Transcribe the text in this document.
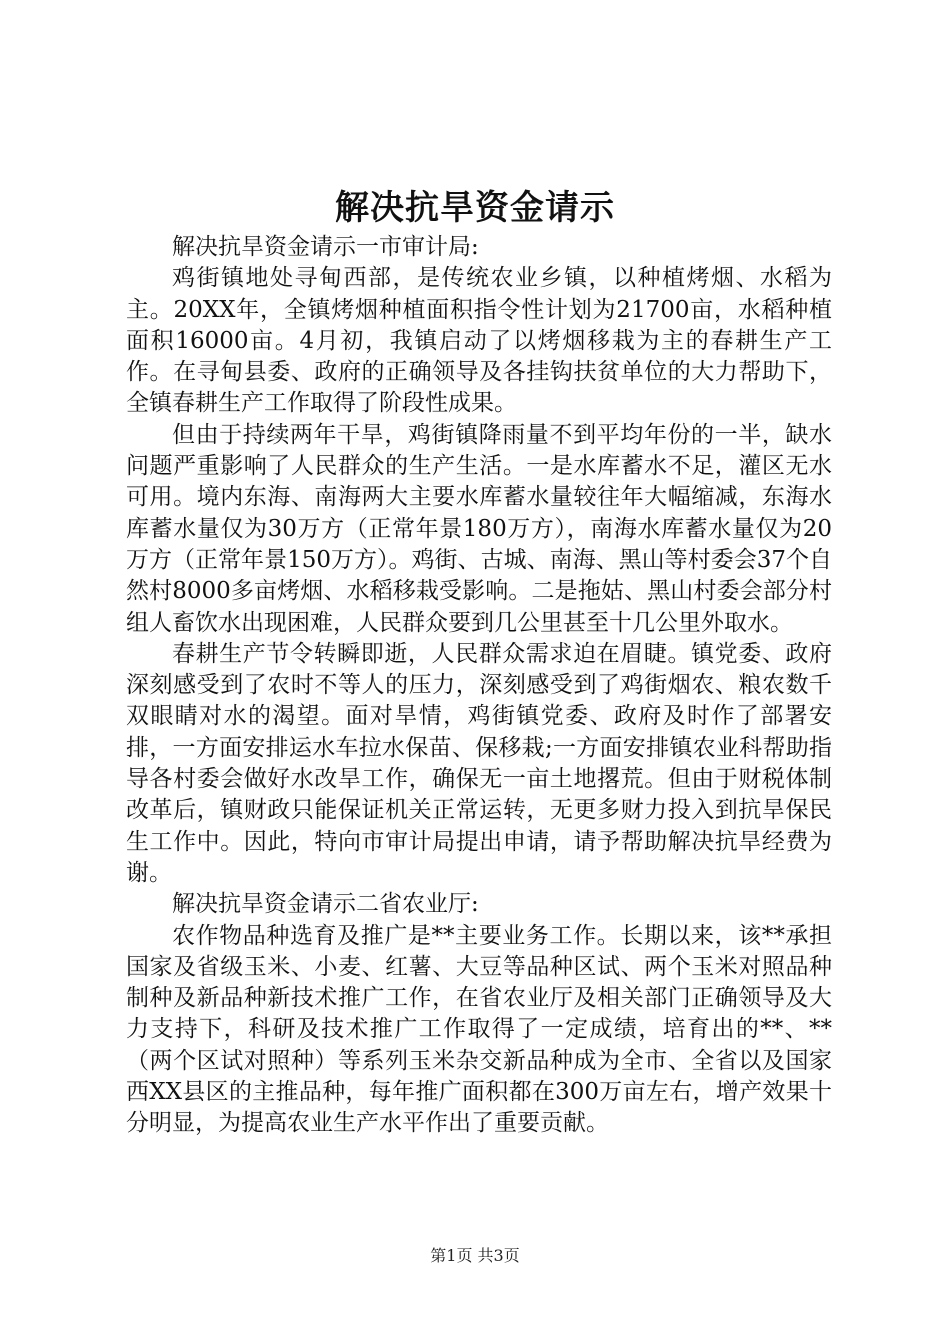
解决抗旱资金请示

解决抗旱资金请示一市审计局:

鸡街镇地处寻甸西部，是传统农业乡镇，以种植烤烟、水稻为主。20XX年，全镇烤烟种植面积指令性计划为21700亩，水稻种植面积16000亩。4月初，我镇启动了以烤烟移栽为主的春耕生产工作。在寻甸县委、政府的正确领导及各挂钩扶贫单位的大力帮助下，全镇春耕生产工作取得了阶段性成果。

但由于持续两年干旱，鸡街镇降雨量不到平均年份的一半，缺水问题严重影响了人民群众的生产生活。一是水库蓄水不足，灌区无水可用。境内东海、南海两大主要水库蓄水量较往年大幅缩减，东海水库蓄水量仅为30万方（正常年景180万方），南海水库蓄水量仅为20万方（正常年景150万方）。鸡街、古城、南海、黑山等村委会37个自然村8000多亩烤烟、水稻移栽受影响。二是拖姑、黑山村委会部分村组人畜饮水出现困难，人民群众要到几公里甚至十几公里外取水。

春耕生产节令转瞬即逝，人民群众需求迫在眉睫。镇党委、政府深刻感受到了农时不等人的压力，深刻感受到了鸡街烟农、粮农数千双眼睛对水的渴望。面对旱情，鸡街镇党委、政府及时作了部署安排，一方面安排运水车拉水保苗、保移栽;一方面安排镇农业科帮助指导各村委会做好水改旱工作，确保无一亩土地撂荒。但由于财税体制改革后，镇财政只能保证机关正常运转，无更多财力投入到抗旱保民生工作中。因此，特向市审计局提出申请，请予帮助解决抗旱经费为谢。

解决抗旱资金请示二省农业厅:

农作物品种选育及推广是**主要业务工作。长期以来，该**承担国家及省级玉米、小麦、红薯、大豆等品种区试、两个玉米对照品种制种及新品种新技术推广工作，在省农业厅及相关部门正确领导及大力支持下，科研及技术推广工作取得了一定成绩，培育出的**、**（两个区试对照种）等系列玉米杂交新品种成为全市、全省以及国家西XX县区的主推品种，每年推广面积都在300万亩左右，增产效果十分明显，为提高农业生产水平作出了重要贡献。

第1页 共3页
